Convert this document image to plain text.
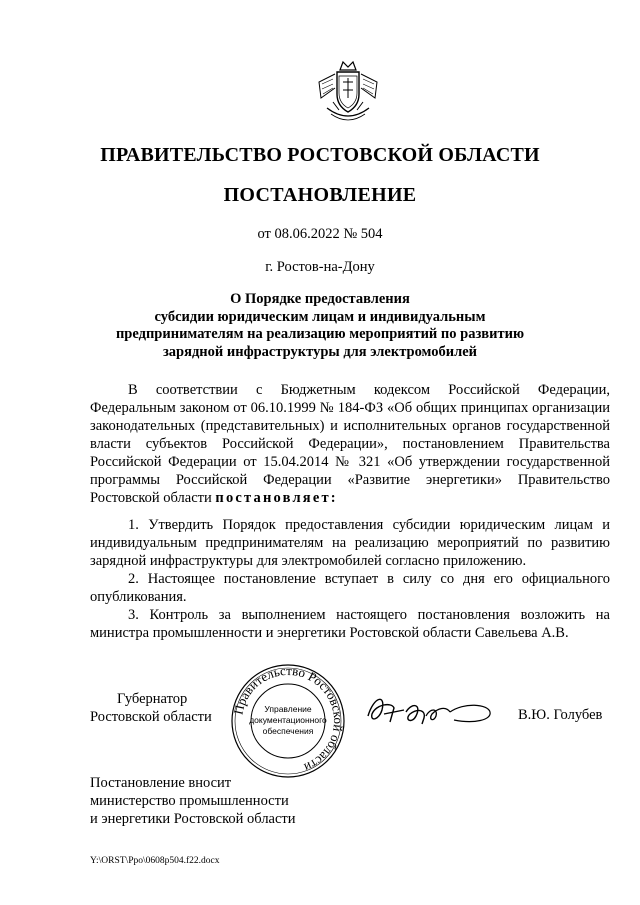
ПРАВИТЕЛЬСТВО РОСТОВСКОЙ ОБЛАСТИ
ПОСТАНОВЛЕНИЕ
от 08.06.2022 № 504
г. Ростов-на-Дону
О Порядке предоставления
субсидии юридическим лицам и индивидуальным
предпринимателям на реализацию мероприятий по развитию
зарядной инфраструктуры для электромобилей
В соответствии с Бюджетным кодексом Российской Федерации, Федеральным законом от 06.10.1999 № 184-ФЗ «Об общих принципах организации законодательных (представительных) и исполнительных органов государственной власти субъектов Российской Федерации», постановлением Правительства Российской Федерации от 15.04.2014 № 321 «Об утверждении государственной программы Российской Федерации «Развитие энергетики» Правительство Ростовской области постановляет:

1. Утвердить Порядок предоставления субсидии юридическим лицам и индивидуальным предпринимателям на реализацию мероприятий по развитию зарядной инфраструктуры для электромобилей согласно приложению.

2. Настоящее постановление вступает в силу со дня его официального опубликования.

3. Контроль за выполнением настоящего постановления возложить на министра промышленности и энергетики Ростовской области Савельева А.В.

Губернатор
Ростовской области Правительство Ростовской области
Управление
документационного
обеспечения
В.Ю. Голубев
Постановление вносит
министерство промышленности
и энергетики Ростовской области
Y:\ORST\Ppo\0608p504.f22.docx
